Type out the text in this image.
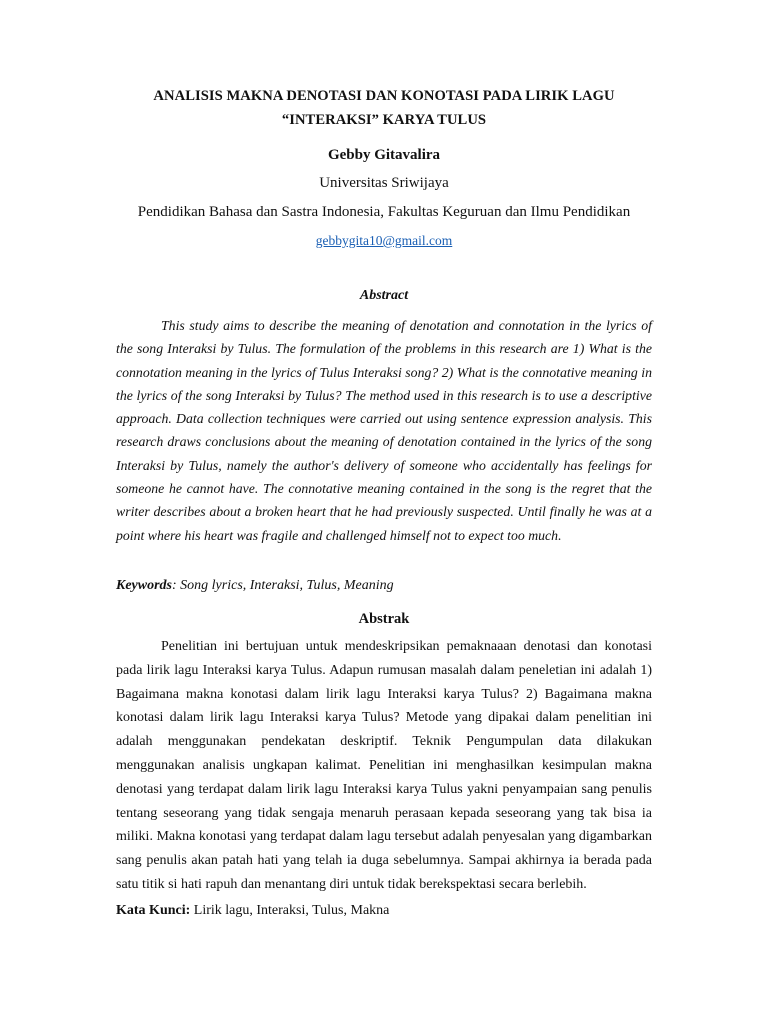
ANALISIS MAKNA DENOTASI DAN KONOTASI PADA LIRIK LAGU
“INTERAKSI” KARYA TULUS
Gebby Gitavalira
Universitas Sriwijaya
Pendidikan Bahasa dan Sastra Indonesia, Fakultas Keguruan dan Ilmu Pendidikan
gebbygita10@gmail.com
Abstract

This study aims to describe the meaning of denotation and connotation in the lyrics of the song Interaksi by Tulus. The formulation of the problems in this research are 1) What is the connotation meaning in the lyrics of Tulus Interaksi song? 2) What is the connotative meaning in the lyrics of the song Interaksi by Tulus? The method used in this research is to use a descriptive approach. Data collection techniques were carried out using sentence expression analysis. This research draws conclusions about the meaning of denotation contained in the lyrics of the song Interaksi by Tulus, namely the author's delivery of someone who accidentally has feelings for someone he cannot have. The connotative meaning contained in the song is the regret that the writer describes about a broken heart that he had previously suspected. Until finally he was at a point where his heart was fragile and challenged himself not to expect too much.

Keywords: Song lyrics, Interaksi, Tulus, Meaning
Abstrak

Penelitian ini bertujuan untuk mendeskripsikan pemaknaaan denotasi dan konotasi pada lirik lagu Interaksi karya Tulus. Adapun rumusan masalah dalam peneletian ini adalah 1) Bagaimana makna konotasi dalam lirik lagu Interaksi karya Tulus? 2) Bagaimana makna konotasi dalam lirik lagu Interaksi karya Tulus? Metode yang dipakai dalam penelitian ini adalah menggunakan pendekatan deskriptif. Teknik Pengumpulan data dilakukan menggunakan analisis ungkapan kalimat. Penelitian ini menghasilkan kesimpulan makna denotasi yang terdapat dalam lirik lagu Interaksi karya Tulus yakni penyampaian sang penulis tentang seseorang yang tidak sengaja menaruh perasaan kepada seseorang yang tak bisa ia miliki. Makna konotasi yang terdapat dalam lagu tersebut adalah penyesalan yang digambarkan sang penulis akan patah hati yang telah ia duga sebelumnya. Sampai akhirnya ia berada pada satu titik si hati rapuh dan menantang diri untuk tidak berekspektasi secara berlebih.

Kata Kunci: Lirik lagu, Interaksi, Tulus, Makna
